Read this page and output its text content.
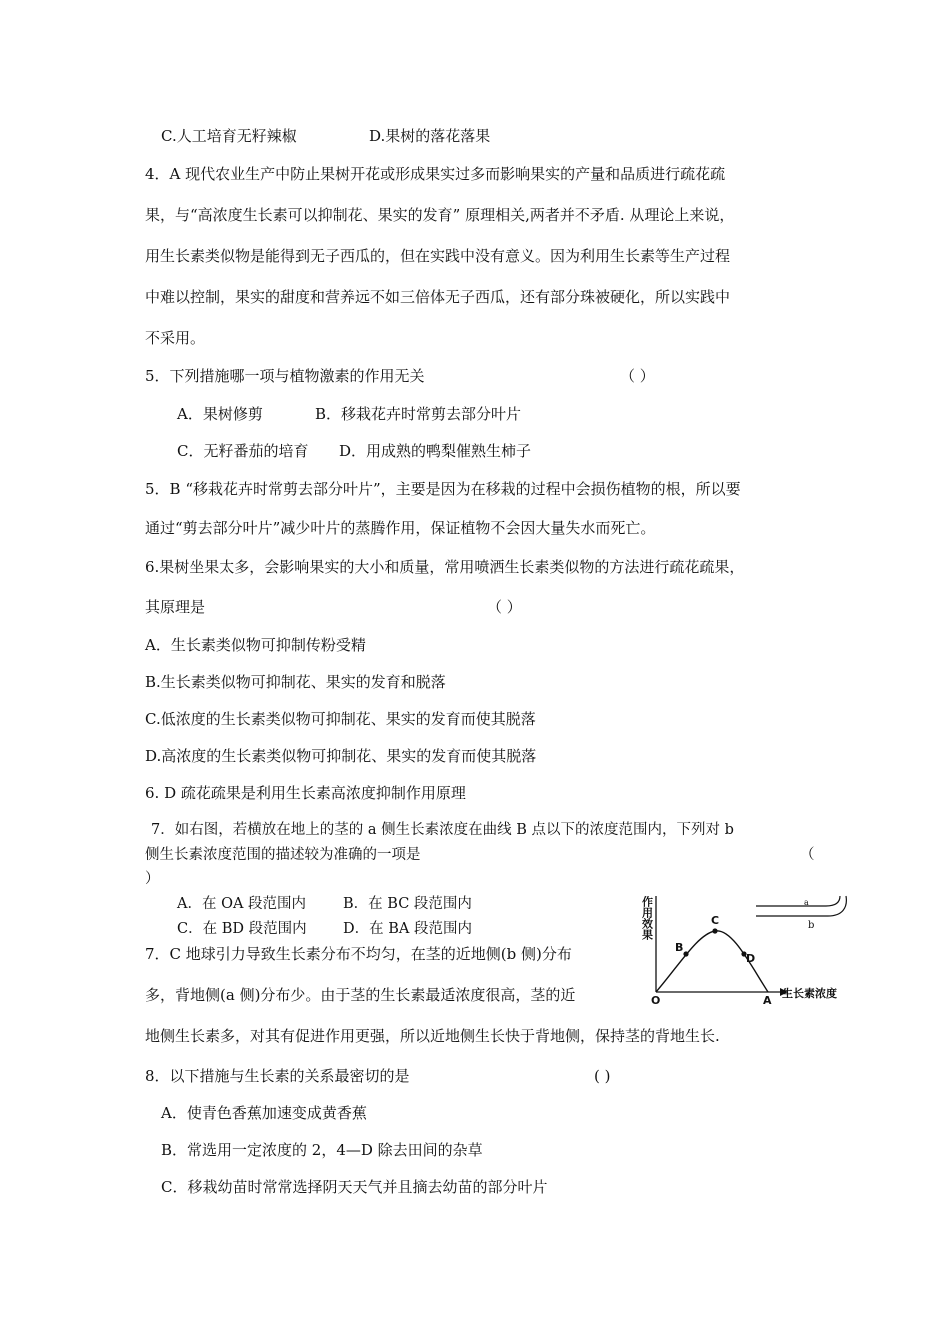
C.人工培育无籽辣椒	D.果树的落花落果
4．A 现代农业生产中防止果树开花或形成果实过多而影响果实的产量和品质进行疏花疏
果，与“高浓度生长素可以抑制花、果实的发育” 原理相关,两者并不矛盾. 从理论上来说，
用生长素类似物是能得到无子西瓜的，但在实践中没有意义。因为利用生长素等生产过程
中难以控制，果实的甜度和营养远不如三倍体无子西瓜，还有部分珠被硬化，所以实践中
不采用。
5．下列措施哪一项与植物激素的作用无关	（ ）
A．果树修剪	B．移栽花卉时常剪去部分叶片
C．无籽番茄的培育 D．用成熟的鸭梨催熟生柿子
5．B “移栽花卉时常剪去部分叶片”，主要是因为在移栽的过程中会损伤植物的根，所以要
通过“剪去部分叶片”减少叶片的蒸腾作用，保证植物不会因大量失水而死亡。
6.果树坐果太多，会影响果实的大小和质量，常用喷洒生长素类似物的方法进行疏花疏果，
其原理是	（ ）
A．生长素类似物可抑制传粉受精
B.生长素类似物可抑制花、果实的发育和脱落
C.低浓度的生长素类似物可抑制花、果实的发育而使其脱落
D.高浓度的生长素类似物可抑制花、果实的发育而使其脱落
6. D 疏花疏果是利用生长素高浓度抑制作用原理
7．如右图，若横放在地上的茎的 a 侧生长素浓度在曲线 B 点以下的浓度范围内，下列对 b
侧生长素浓度范围的描述较为准确的一项是	（
）
A．在 OA 段范围内	B．在 BC 段范围内
C．在 BD 段范围内	D．在 BA 段范围内
7．C 地球引力导致生长素分布不均匀，在茎的近地侧(b 侧)分布
多，背地侧(a 侧)分布少。由于茎的生长素最适浓度很高，茎的近
地侧生长素多，对其有促进作用更强，所以近地侧生长快于背地侧，保持茎的背地生长.
8．以下措施与生长素的关系最密切的是	( )
A．使青色香蕉加速变成黄香蕉
B．常选用一定浓度的 2，4—D 除去田间的杂草
C．移栽幼苗时常常选择阴天天气并且摘去幼苗的部分叶片
作用效果
生长素浓度
O
B
C
D
A
a
b
